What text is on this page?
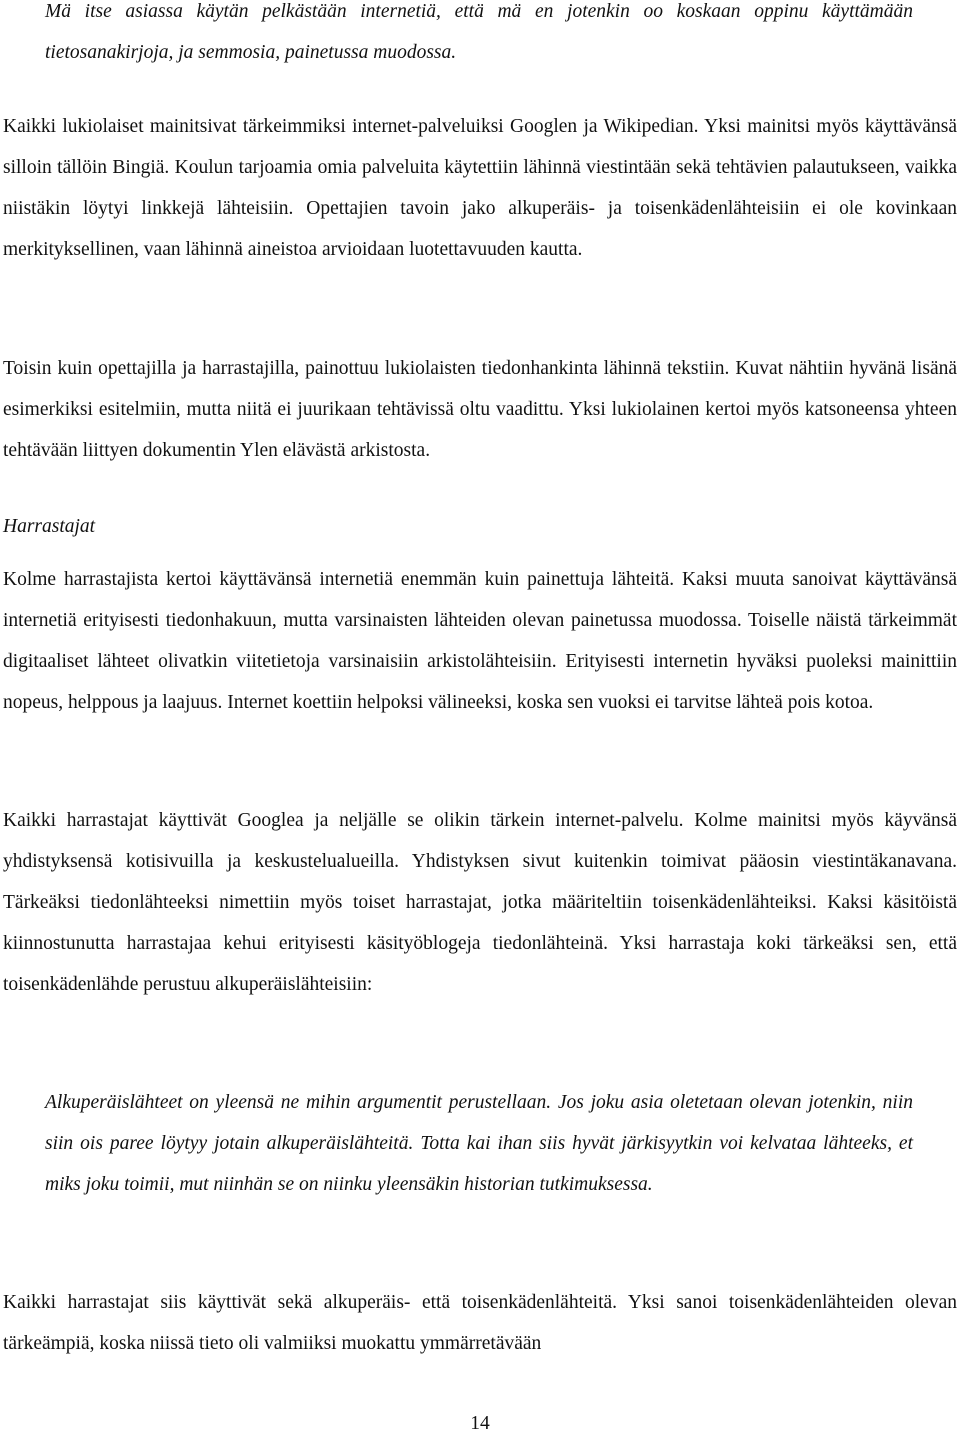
Mä itse asiassa käytän pelkästään internetiä, että mä en jotenkin oo koskaan oppinu käyttämään tietosanakirjoja, ja semmosia, painetussa muodossa.

Kaikki lukiolaiset mainitsivat tärkeimmiksi internet-palveluiksi Googlen ja Wikipedian. Yksi mainitsi myös käyttävänsä silloin tällöin Bingiä. Koulun tarjoamia omia palveluita käytettiin lähinnä viestintään sekä tehtävien palautukseen, vaikka niistäkin löytyi linkkejä lähteisiin. Opettajien tavoin jako alkuperäis- ja toisenkädenlähteisiin ei ole kovinkaan merkityksellinen, vaan lähinnä aineistoa arvioidaan luotettavuuden kautta.

Toisin kuin opettajilla ja harrastajilla, painottuu lukiolaisten tiedonhankinta lähinnä tekstiin. Kuvat nähtiin hyvänä lisänä esimerkiksi esitelmiin, mutta niitä ei juurikaan tehtävissä oltu vaadittu. Yksi lukiolainen kertoi myös katsoneensa yhteen tehtävään liittyen dokumentin Ylen elävästä arkistosta.

Harrastajat

Kolme harrastajista kertoi käyttävänsä internetiä enemmän kuin painettuja lähteitä. Kaksi muuta sanoivat käyttävänsä internetiä erityisesti tiedonhakuun, mutta varsinaisten lähteiden olevan painetussa muodossa. Toiselle näistä tärkeimmät digitaaliset lähteet olivatkin viitetietoja varsinaisiin arkistolähteisiin. Erityisesti internetin hyväksi puoleksi mainittiin nopeus, helppous ja laajuus. Internet koettiin helpoksi välineeksi, koska sen vuoksi ei tarvitse lähteä pois kotoa.

Kaikki harrastajat käyttivät Googlea ja neljälle se olikin tärkein internet-palvelu. Kolme mainitsi myös käyvänsä yhdistyksensä kotisivuilla ja keskustelualueilla. Yhdistyksen sivut kuitenkin toimivat pääosin viestintäkanavana. Tärkeäksi tiedonlähteeksi nimettiin myös toiset harrastajat, jotka määriteltiin toisenkädenlähteiksi. Kaksi käsitöistä kiinnostunutta harrastajaa kehui erityisesti käsityöblogeja tiedonlähteinä. Yksi harrastaja koki tärkeäksi sen, että toisenkädenlähde perustuu alkuperäislähteisiin:

Alkuperäislähteet on yleensä ne mihin argumentit perustellaan. Jos joku asia oletetaan olevan jotenkin, niin siin ois paree löytyy jotain alkuperäislähteitä. Totta kai ihan siis hyvät järkisyytkin voi kelvataa lähteeks, et miks joku toimii, mut niinhän se on niinku yleensäkin historian tutkimuksessa.

Kaikki harrastajat siis käyttivät sekä alkuperäis- että toisenkädenlähteitä. Yksi sanoi toisenkädenlähteiden olevan tärkeämpiä, koska niissä tieto oli valmiiksi muokattu ymmärretävään

14
